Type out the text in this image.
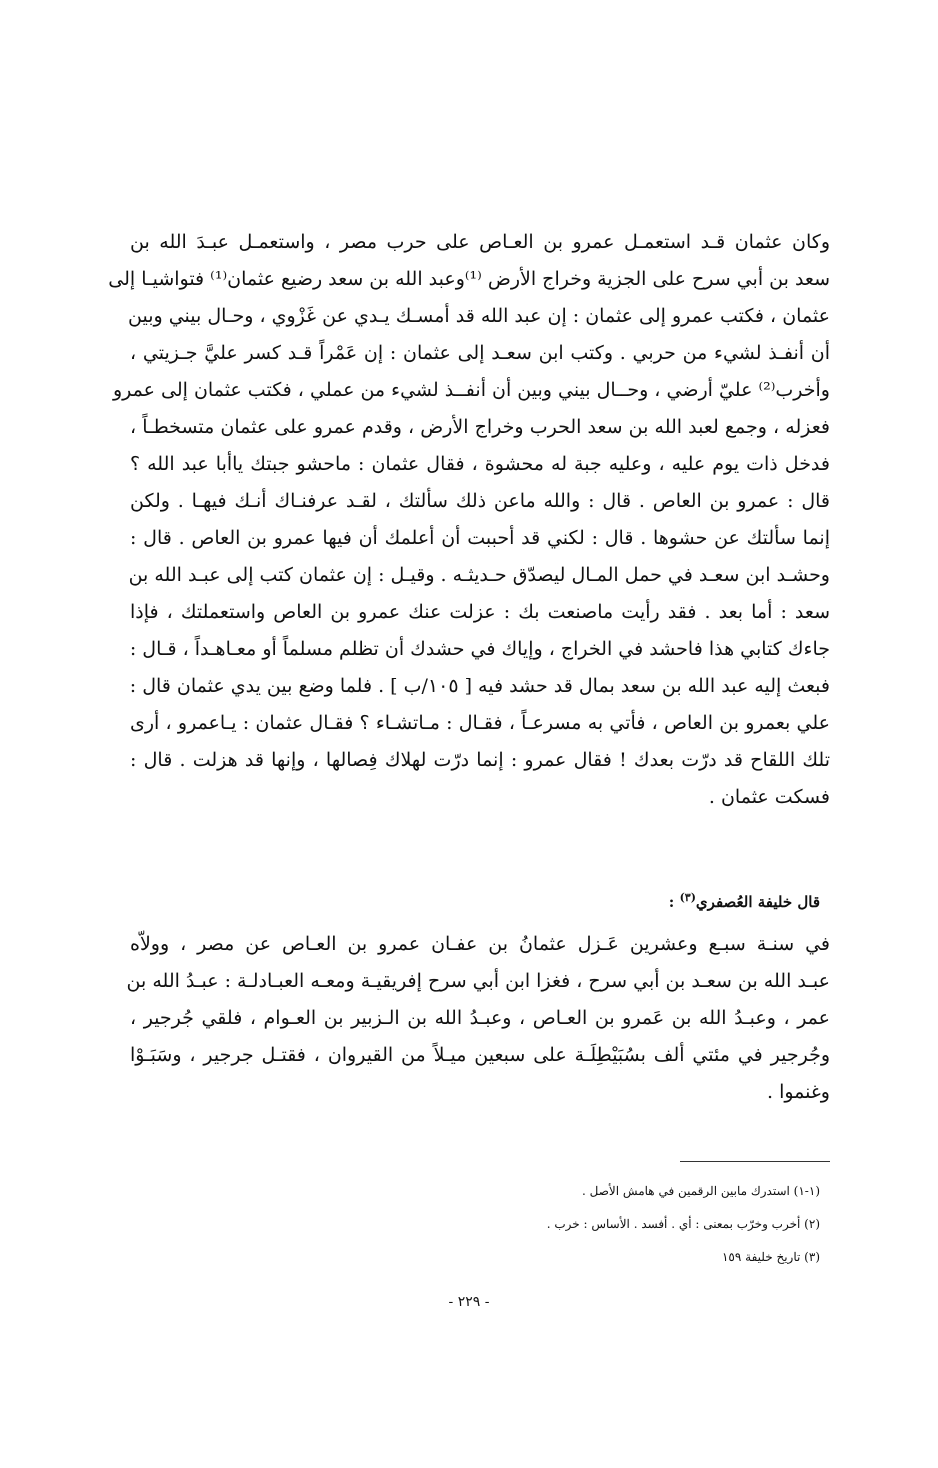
وكان عثمان قـد استعمـل عمرو بن العـاص على حرب مصر ، واستعمـل عبـدَ الله بن
سعد بن أبي سرح على الجزية وخراج الأرض ⁽¹⁾وعبد الله بن سعد رضيع عثمان⁽¹⁾ فتواشيـا إلى
عثمان ، فكتب عمرو إلى عثمان : إن عبد الله قد أمسـك يـدي عن غَزْوي ، وحـال بيني وبين
أن أنفـذ لشيء من حربي . وكتب ابن سعـد إلى عثمان : إن عَمْراً قـد كسر عليَّ جـزيتي ،
وأخرب⁽²⁾ عليّ أرضي ، وحــال بيني وبين أن أنفــذ لشيء من عملي ، فكتب عثمان إلى عمرو
فعزله ، وجمع لعبد الله بن سعد الحرب وخراج الأرض ، وقدم عمرو على عثمان متسخطـاً ،
فدخل ذات يوم عليه ، وعليه جبة له محشوة ، فقال عثمان : ماحشو جبتك ياأبا عبد الله ؟
قال : عمرو بن العاص . قال : والله ماعن ذلك سألتك ، لقـد عرفنـاك أنـك فيهـا . ولكن
إنما سألتك عن حشوها . قال : لكني قد أحببت أن أعلمك أن فيها عمرو بن العاص . قال :
وحشـد ابن سعـد في حمل المـال ليصدّق حـديثـه . وقيـل : إن عثمان كتب إلى عبـد الله بن
سعد : أما بعد . فقد رأيت ماصنعت بك : عزلت عنك عمرو بن العاص واستعملتك ، فإذا
جاءك كتابي هذا فاحشد في الخراج ، وإياك في حشدك أن تظلم مسلماً أو معـاهـداً ، قـال :
فبعث إليه عبد الله بن سعد بمال قد حشد فيه [ ١٠٥/ب ] . فلما وضع بين يدي عثمان قال :
علي بعمرو بن العاص ، فأتي به مسرعـاً ، فقـال : مـاتشـاء ؟ فقـال عثمان : يـاعمرو ، أرى
تلك اللقاح قد درّت بعدك ! فقال عمرو : إنما درّت لهلاك فِصالها ، وإنها قد هزلت . قال :
فسكت عثمان .
قال خليفة العُصفري$^{(٣)}$ :
في سنـة سبـع وعشرين عَـزل عثمانُ بن عفـان عمرو بن العـاص عن مصر ، وولاّه
عبـد الله بن سعـد بن أبي سرح ، فغزا ابن أبي سرح إفريقيـة ومعـه العبـادلـة : عبـدُ الله بن
عمر ، وعبـدُ الله بن عَمرو بن العـاص ، وعبـدُ الله بن الـزبير بن العـوام ، فلقي جُرجير ،
وجُرجير في مئتي ألف بسُبَيْطِلَـة على سبعين ميـلاً من القيروان ، فقتـل جرجير ، وسَبَـوْا
وغنموا .
(١-١) استدرك مابين الرقمين في هامش الأصل .
(٢) أخرب وخرّب بمعنى : أي . أفسد . الأساس : خرب .
(٣) تاريخ خليفة ١٥٩
- ٢٢٩ -
